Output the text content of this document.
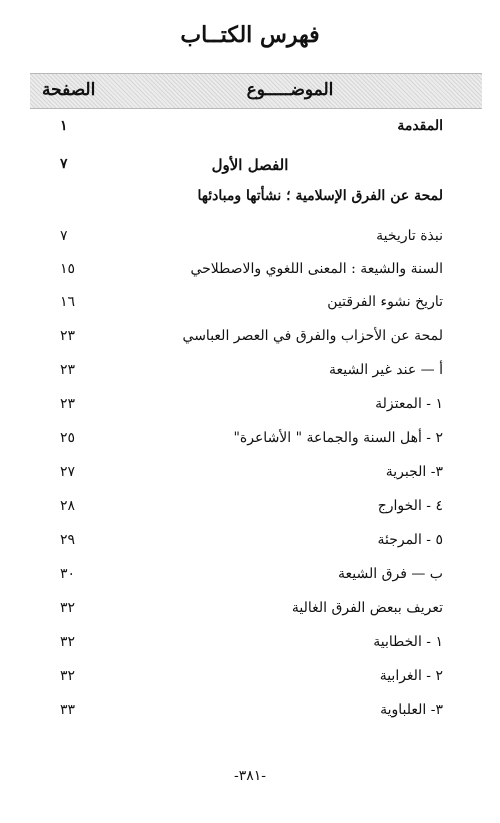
فهرس الكتــاب
الموضـــــوع
الصفحة
المقدمة
١
الفصل الأول
٧
لمحة عن الفرق الإسلامية ؛ نشأتها ومبادئها
نبذة تاريخية
٧
السنة والشيعة : المعنى اللغوي والاصطلاحي
١٥
تاريخ نشوء الفرقتين
١٦
لمحة عن الأحزاب والفرق في العصر العباسي
٢٣
أ — عند غير الشيعة
٢٣
١ - المعتزلة
٢٣
٢ - أهل السنة والجماعة " الأشاعرة"
٢٥
٣- الجبرية
٢٧
٤ - الخوارج
٢٨
٥ - المرجئة
٢٩
ب — فرق الشيعة
٣٠
تعريف ببعض الفرق الغالية
٣٢
١ - الخطابية
٣٢
٢ - الغرابية
٣٢
٣- العلباوية
٣٣
-٣٨١-
